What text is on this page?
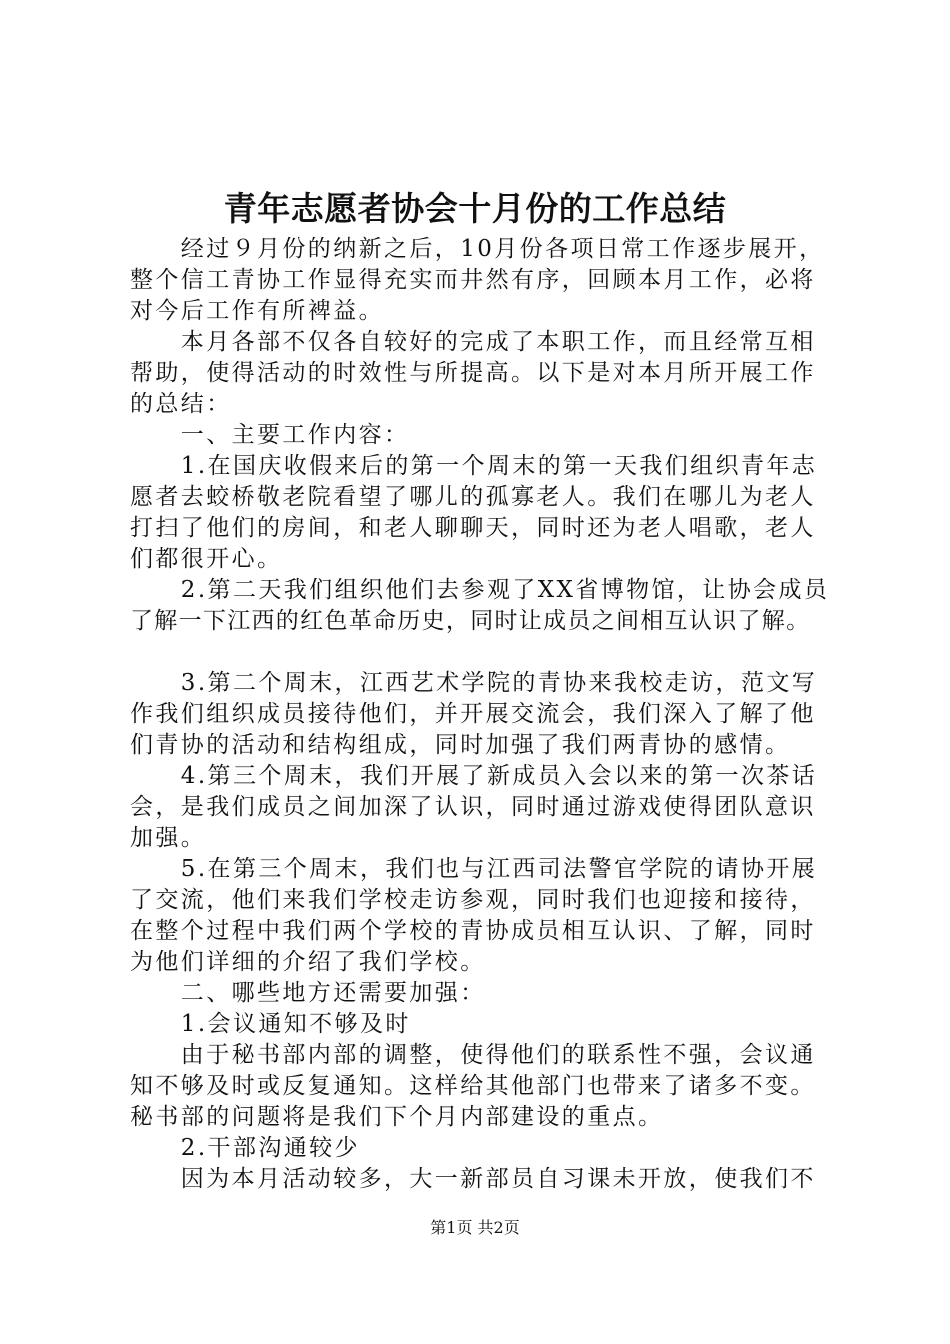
青年志愿者协会十月份的工作总结
　　经过９月份的纳新之后，10月份各项日常工作逐步展开，
整个信工青协工作显得充实而井然有序，回顾本月工作，必将
对今后工作有所裨益。
　　本月各部不仅各自较好的完成了本职工作，而且经常互相
帮助，使得活动的时效性与所提高。以下是对本月所开展工作
的总结：
　　一、主要工作内容：
　　1.在国庆收假来后的第一个周末的第一天我们组织青年志
愿者去蛟桥敬老院看望了哪儿的孤寡老人。我们在哪儿为老人
打扫了他们的房间，和老人聊聊天，同时还为老人唱歌，老人
们都很开心。
　　2.第二天我们组织他们去参观了XX省博物馆，让协会成员
了解一下江西的红色革命历史，同时让成员之间相互认识了解。
　　3.第二个周末，江西艺术学院的青协来我校走访，范文写
作我们组织成员接待他们，并开展交流会，我们深入了解了他
们青协的活动和结构组成，同时加强了我们两青协的感情。
　　4.第三个周末，我们开展了新成员入会以来的第一次茶话
会，是我们成员之间加深了认识，同时通过游戏使得团队意识
加强。
　　5.在第三个周末，我们也与江西司法警官学院的请协开展
了交流，他们来我们学校走访参观，同时我们也迎接和接待，
在整个过程中我们两个学校的青协成员相互认识、了解，同时
为他们详细的介绍了我们学校。
　　二、哪些地方还需要加强：
　　1.会议通知不够及时
　　由于秘书部内部的调整，使得他们的联系性不强，会议通
知不够及时或反复通知。这样给其他部门也带来了诸多不变。
秘书部的问题将是我们下个月内部建设的重点。
　　2.干部沟通较少
　　因为本月活动较多，大一新部员自习课未开放，使我们不
第1页 共2页
